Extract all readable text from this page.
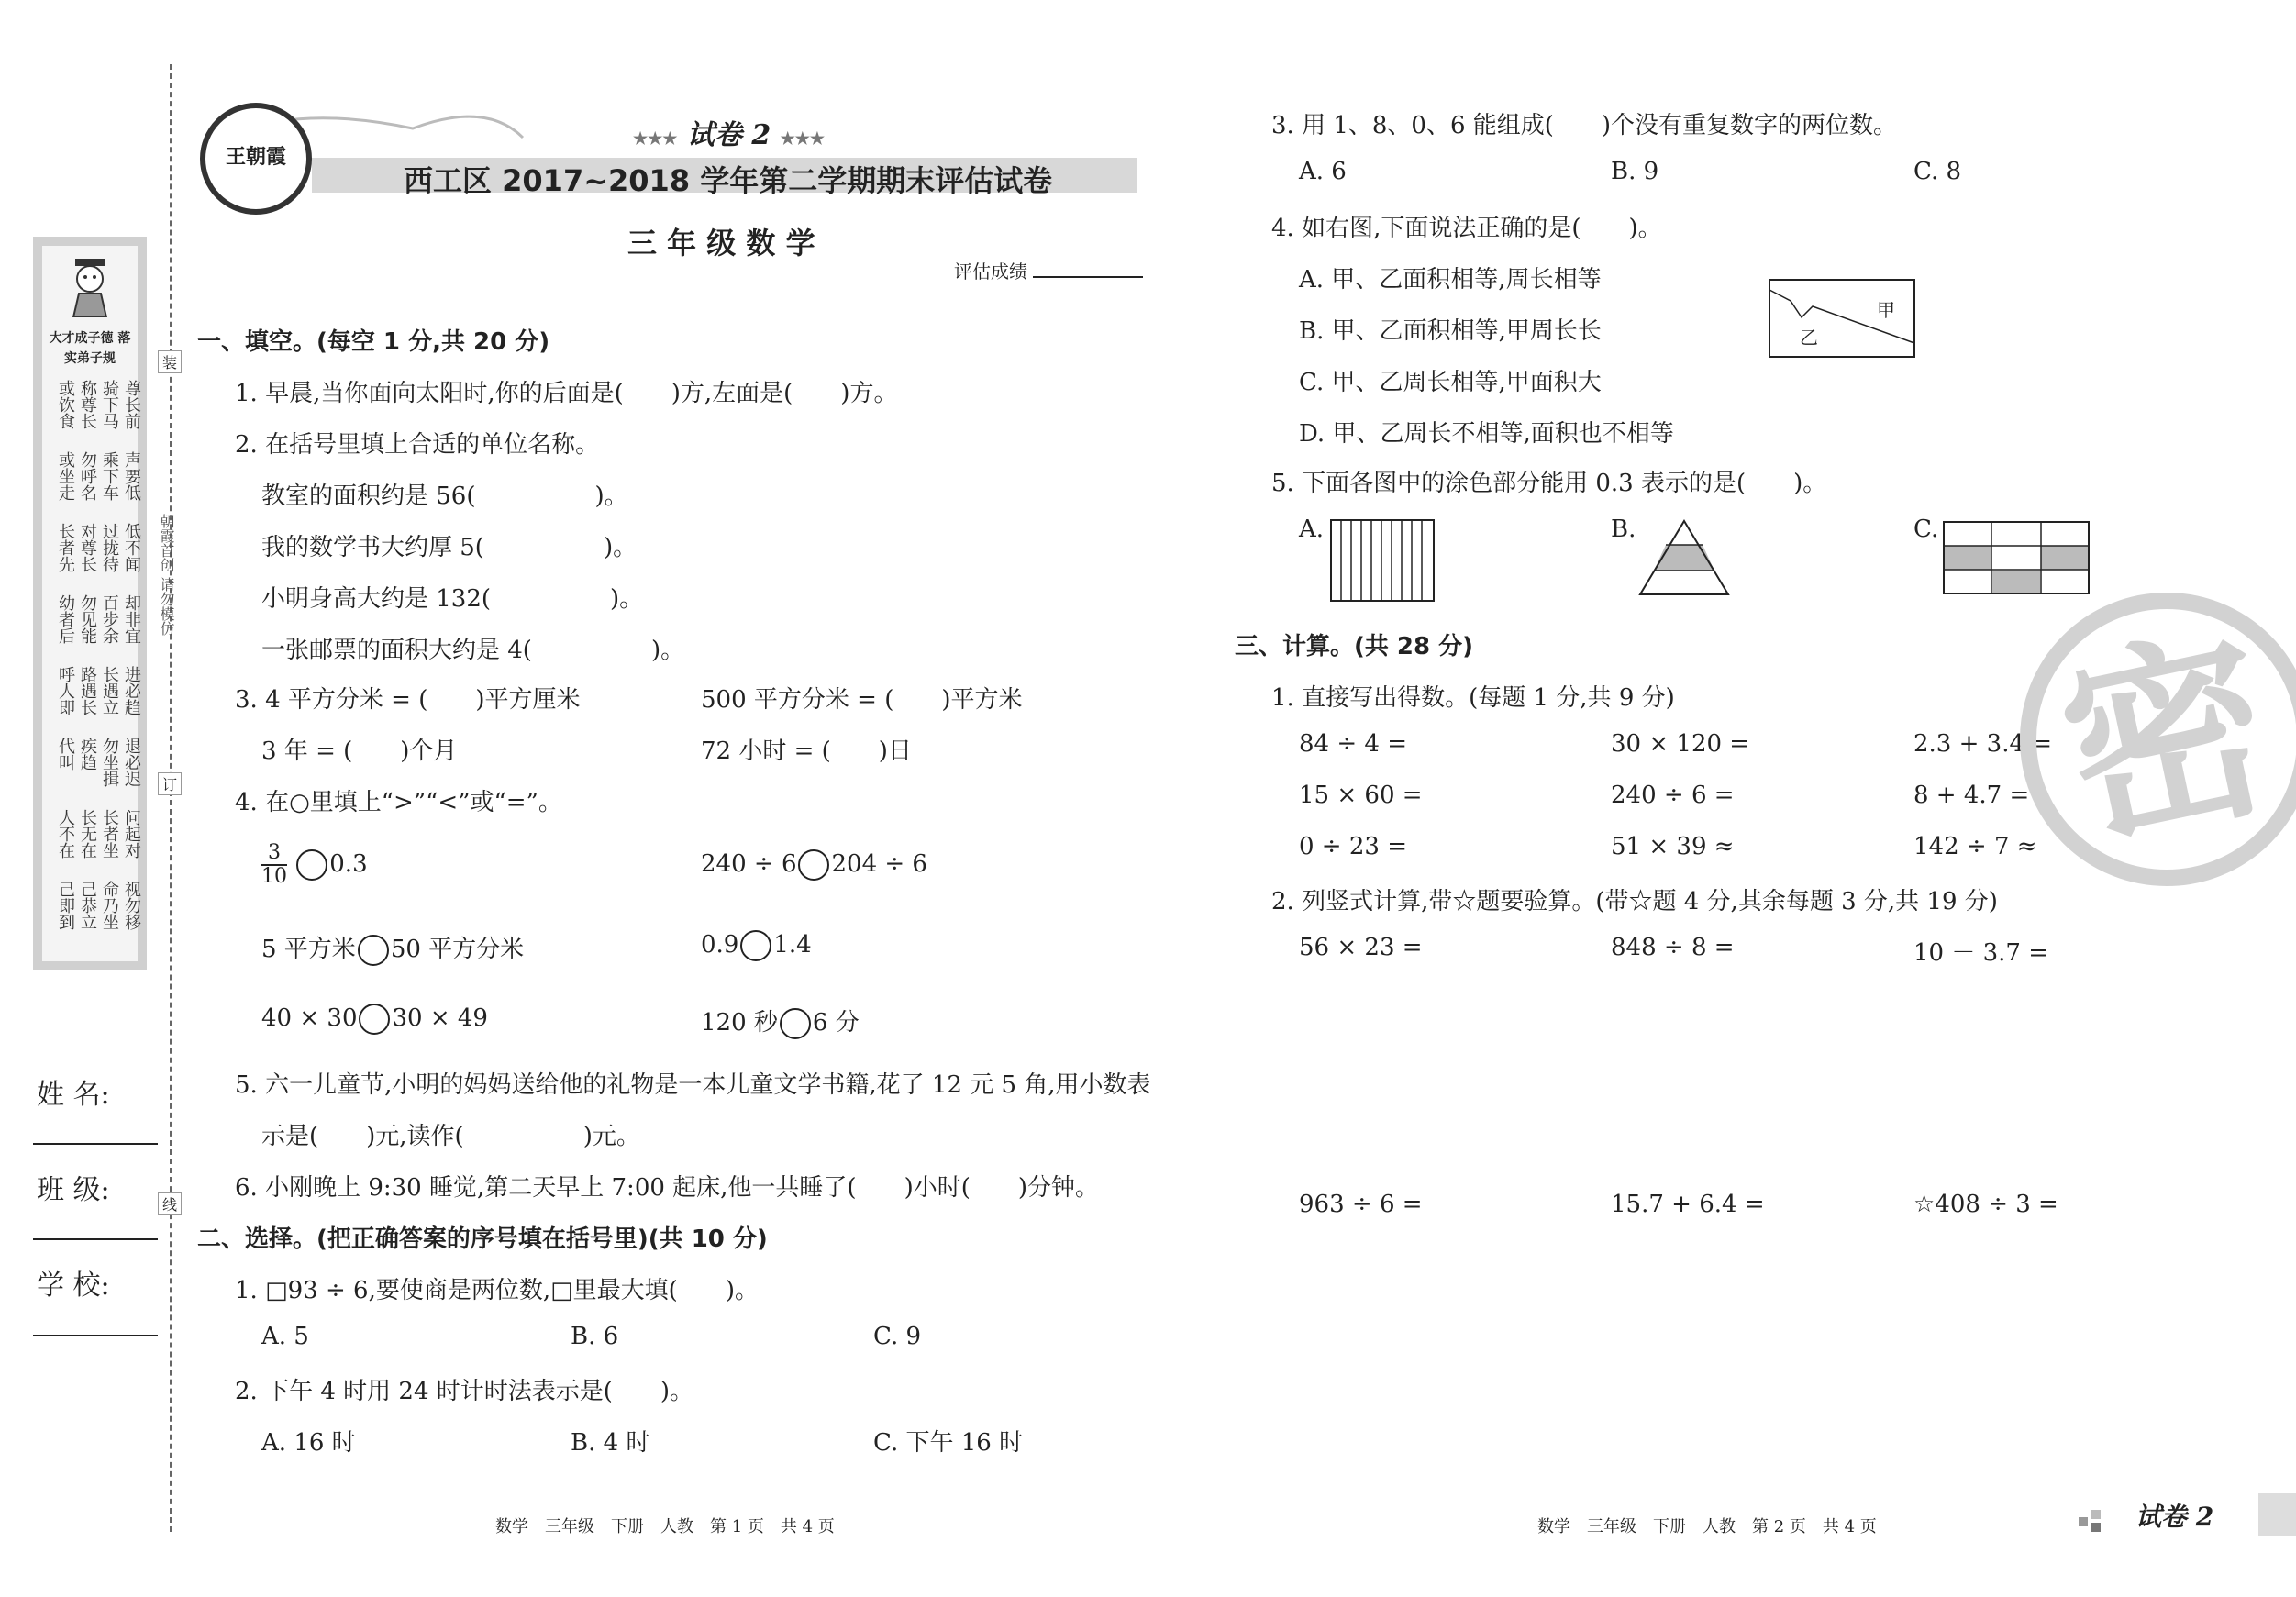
大才成子德 落实弟子规
尊长前
骑下马
称尊长
或饮食
声要低
乘下车
勿呼名
或坐走
低不闻
过拢待
对尊长
长者先
却非宜
百步余
勿见能
幼者后
进必趋
长遇立
路遇长
呼人即
退必迟
勿坐揖
疾趋
代叫
问起对
长者坐
长无在
人不在
视勿移
命乃坐
己恭立
己即到
装
订
线
朝霞首创 请勿模仿
姓 名:
班 级:
学 校:
王朝霞
★★★ 试卷 2 ★★★
西工区 2017~2018 学年第二学期期末评估试卷
三 年 级 数 学
评估成绩
一、填空。(每空 1 分,共 20 分)
1. 早晨,当你面向太阳时,你的后面是(　　)方,左面是(　　)方。
2. 在括号里填上合适的单位名称。
教室的面积约是 56(　　　　　)。
我的数学书大约厚 5(　　　　　)。
小明身高大约是 132(　　　　　)。
一张邮票的面积大约是 4(　　　　　)。
3. 4 平方分米 = (　　)平方厘米	500 平方分米 = (　　)平方米
3 年 = (　　)个月	72 小时 = (　　)日
4. 在○里填上“>”“<”或“=”。
$\frac{3}{10} 0.3$	240 ÷ 6 204 ÷ 6
5 平方米 50 平方分米	0.9 1.4
40 × 30 30 × 49	120 秒 6 分
5. 六一儿童节,小明的妈妈送给他的礼物是一本儿童文学书籍,花了 12 元 5 角,用小数表
示是(　　)元,读作(　　　　　)元。
6. 小刚晚上 9:30 睡觉,第二天早上 7:00 起床,他一共睡了(　　)小时(　　)分钟。
二、选择。(把正确答案的序号填在括号里)(共 10 分)
1. □93 ÷ 6,要使商是两位数,□里最大填(　　)。
A. 5	B. 6	C. 9
2. 下午 4 时用 24 时计时法表示是(　　)。
A. 16 时	B. 4 时	C. 下午 16 时
3. 用 1、8、0、6 能组成(　　)个没有重复数字的两位数。
A. 6	B. 9	C. 8
4. 如右图,下面说法正确的是(　　)。
A. 甲、乙面积相等,周长相等
B. 甲、乙面积相等,甲周长长
C. 甲、乙周长相等,甲面积大
D. 甲、乙周长不相等,面积也不相等
甲
乙
5. 下面各图中的涂色部分能用 0.3 表示的是(　　)。
A.	B.	C.
三、计算。(共 28 分)
1. 直接写出得数。(每题 1 分,共 9 分)
84 ÷ 4 =	30 × 120 =	2.3 + 3.4 =
15 × 60 =	240 ÷ 6 =	8 + 4.7 =
0 ÷ 23 =	51 × 39 ≈	142 ÷ 7 ≈
2. 列竖式计算,带☆题要验算。(带☆题 4 分,其余每题 3 分,共 19 分)
56 × 23 =	848 ÷ 8 =	10 － 3.7 =
963 ÷ 6 =	15.7 + 6.4 =	☆408 ÷ 3 =
密
数学　三年级　下册　人教　第 1 页　共 4 页	数学　三年级　下册　人教　第 2 页　共 4 页	试卷 2
